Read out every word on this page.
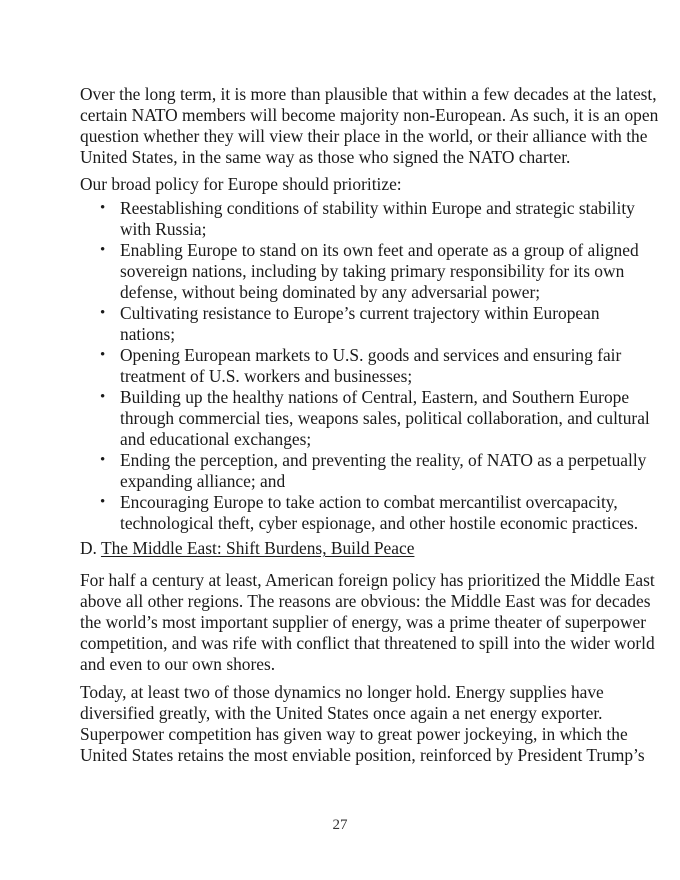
Over the long term, it is more than plausible that within a few decades at the latest,
certain NATO members will become majority non-European. As such, it is an open
question whether they will view their place in the world, or their alliance with the
United States, in the same way as those who signed the NATO charter.
Our broad policy for Europe should prioritize:
• Reestablishing conditions of stability within Europe and strategic stability
with Russia;
• Enabling Europe to stand on its own feet and operate as a group of aligned
sovereign nations, including by taking primary responsibility for its own
defense, without being dominated by any adversarial power;
• Cultivating resistance to Europe’s current trajectory within European
nations;
• Opening European markets to U.S. goods and services and ensuring fair
treatment of U.S. workers and businesses;
• Building up the healthy nations of Central, Eastern, and Southern Europe
through commercial ties, weapons sales, political collaboration, and cultural
and educational exchanges;
• Ending the perception, and preventing the reality, of NATO as a perpetually
expanding alliance; and
• Encouraging Europe to take action to combat mercantilist overcapacity,
technological theft, cyber espionage, and other hostile economic practices.
D. The Middle East: Shift Burdens, Build Peace
For half a century at least, American foreign policy has prioritized the Middle East
above all other regions. The reasons are obvious: the Middle East was for decades
the world’s most important supplier of energy, was a prime theater of superpower
competition, and was rife with conflict that threatened to spill into the wider world
and even to our own shores.
Today, at least two of those dynamics no longer hold. Energy supplies have
diversified greatly, with the United States once again a net energy exporter.
Superpower competition has given way to great power jockeying, in which the
United States retains the most enviable position, reinforced by President Trump’s
27
